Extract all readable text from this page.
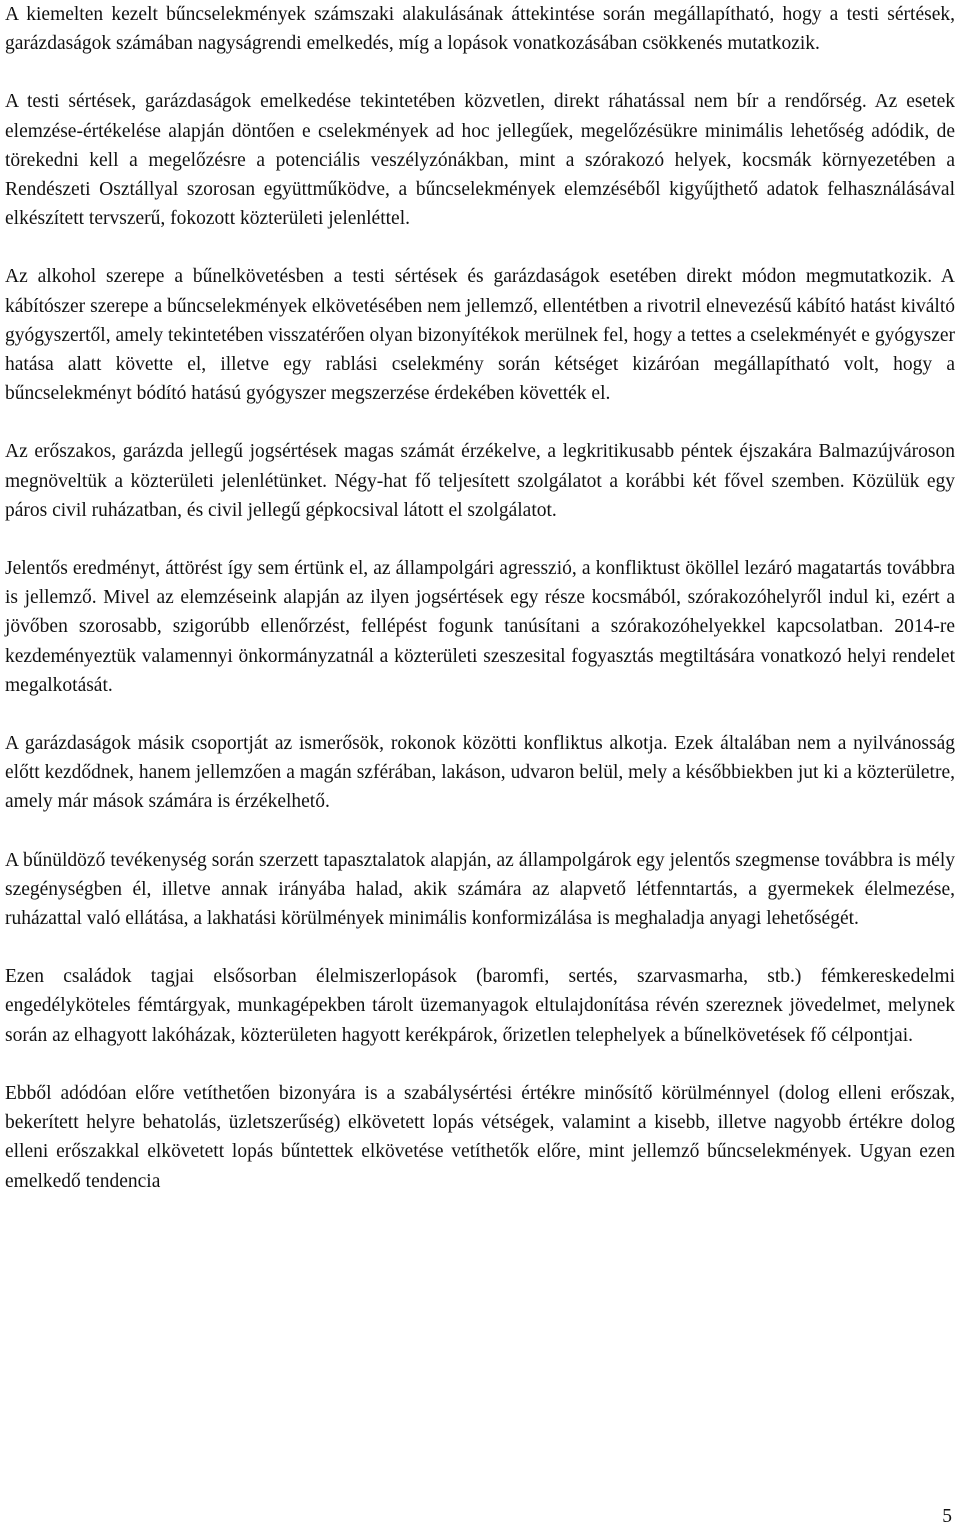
A kiemelten kezelt bűncselekmények számszaki alakulásának áttekintése során megállapítható, hogy a testi sértések, garázdaságok számában nagyságrendi emelkedés, míg a lopások vonatkozásában csökkenés mutatkozik.

A testi sértések, garázdaságok emelkedése tekintetében közvetlen, direkt ráhatással nem bír a rendőrség. Az esetek elemzése-értékelése alapján döntően e cselekmények ad hoc jellegűek, megelőzésükre minimális lehetőség adódik, de törekedni kell a megelőzésre a potenciális veszélyzónákban, mint a szórakozó helyek, kocsmák környezetében a Rendészeti Osztállyal szorosan együttműködve, a bűncselekmények elemzéséből kigyűjthető adatok felhasználásával elkészített tervszerű, fokozott közterületi jelenléttel.

Az alkohol szerepe a bűnelkövetésben a testi sértések és garázdaságok esetében direkt módon megmutatkozik. A kábítószer szerepe a bűncselekmények elkövetésében nem jellemző, ellentétben a rivotril elnevezésű kábító hatást kiváltó gyógyszertől, amely tekintetében visszatérően olyan bizonyítékok merülnek fel, hogy a tettes a cselekményét e gyógyszer hatása alatt követte el, illetve egy rablási cselekmény során kétséget kizáróan megállapítható volt, hogy a bűncselekményt bódító hatású gyógyszer megszerzése érdekében követték el.

Az erőszakos, garázda jellegű jogsértések magas számát érzékelve, a legkritikusabb péntek éjszakára Balmazújvároson megnöveltük a közterületi jelenlétünket. Négy-hat fő teljesített szolgálatot a korábbi két fővel szemben. Közülük egy páros civil ruházatban, és civil jellegű gépkocsival látott el szolgálatot.

Jelentős eredményt, áttörést így sem értünk el, az állampolgári agresszió, a konfliktust ököllel lezáró magatartás továbbra is jellemző. Mivel az elemzéseink alapján az ilyen jogsértések egy része kocsmából, szórakozóhelyről indul ki, ezért a jövőben szorosabb, szigorúbb ellenőrzést, fellépést fogunk tanúsítani a szórakozóhelyekkel kapcsolatban. 2014-re kezdeményeztük valamennyi önkormányzatnál a közterületi szeszesital fogyasztás megtiltására vonatkozó helyi rendelet megalkotását.

A garázdaságok másik csoportját az ismerősök, rokonok közötti konfliktus alkotja. Ezek általában nem a nyilvánosság előtt kezdődnek, hanem jellemzően a magán szférában, lakáson, udvaron belül, mely a későbbiekben jut ki a közterületre, amely már mások számára is érzékelhető.

A bűnüldöző tevékenység során szerzett tapasztalatok alapján, az állampolgárok egy jelentős szegmense továbbra is mély szegénységben él, illetve annak irányába halad, akik számára az alapvető létfenntartás, a gyermekek élelmezése, ruházattal való ellátása, a lakhatási körülmények minimális konformizálása is meghaladja anyagi lehetőségét.

Ezen családok tagjai elsősorban élelmiszerlopások (baromfi, sertés, szarvasmarha, stb.) fémkereskedelmi engedélyköteles fémtárgyak, munkagépekben tárolt üzemanyagok eltulajdonítása révén szereznek jövedelmet, melynek során az elhagyott lakóházak, közterületen hagyott kerékpárok, őrizetlen telephelyek a bűnelkövetések fő célpontjai.

Ebből adódóan előre vetíthetően bizonyára is a szabálysértési értékre minősítő körülménnyel (dolog elleni erőszak, bekerített helyre behatolás, üzletszerűség) elkövetett lopás vétségek, valamint a kisebb, illetve nagyobb értékre dolog elleni erőszakkal elkövetett lopás bűntettek elkövetése vetíthetők előre, mint jellemző bűncselekmények. Ugyan ezen emelkedő tendencia

5
